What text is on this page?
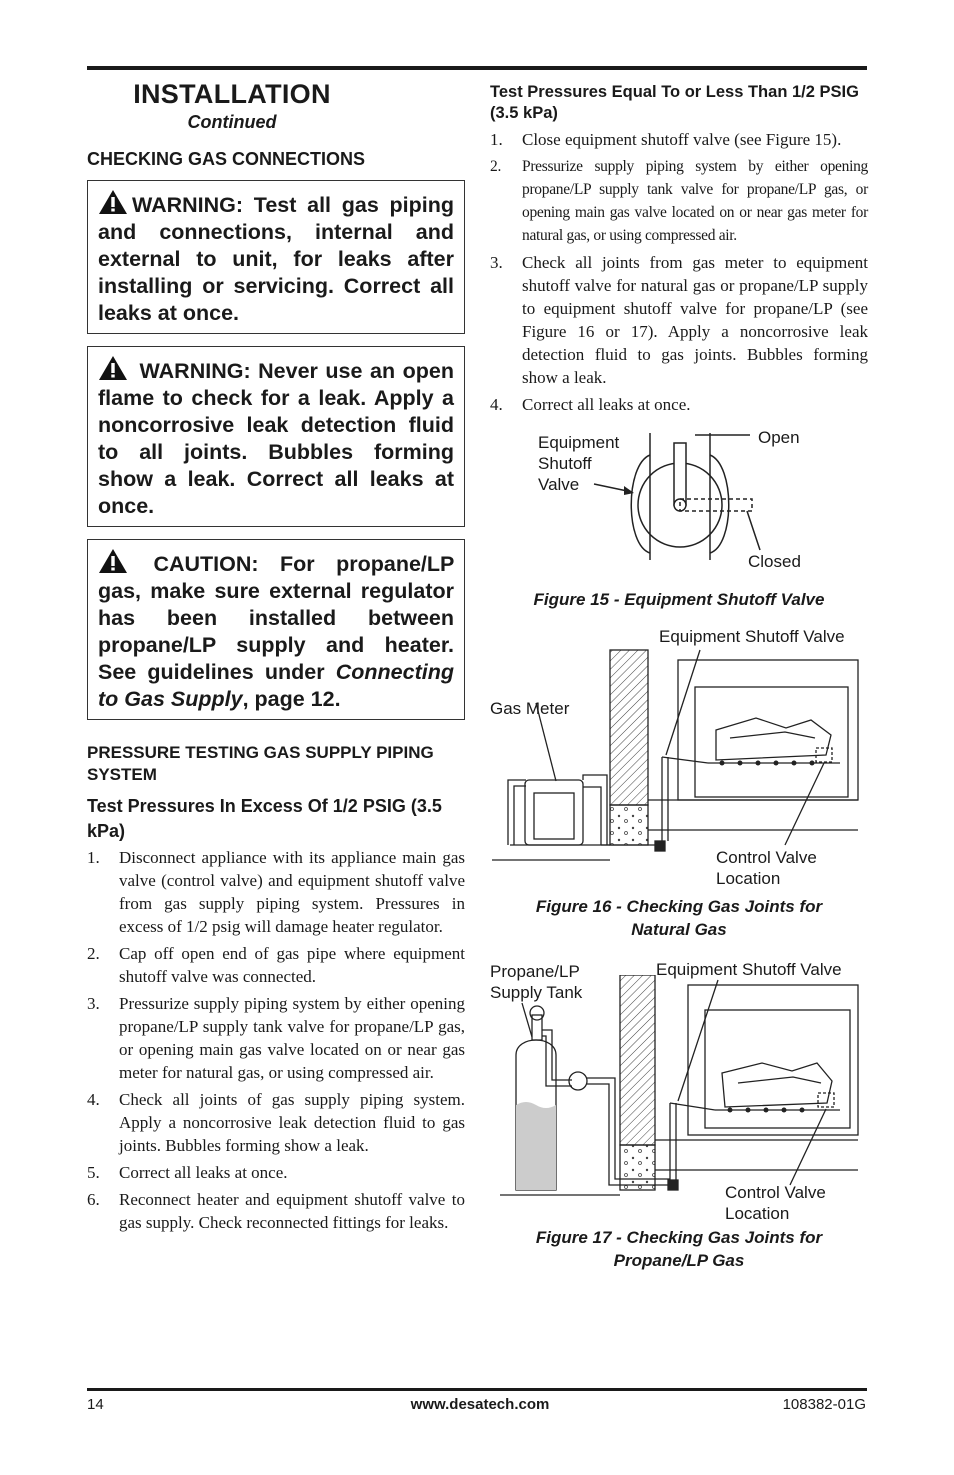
INSTALLATION
Continued
CHECKING GAS CONNECTIONS
WARNING: Test all gas piping and connections, internal and external to unit, for leaks after installing or servicing. Correct all leaks at once.
WARNING: Never use an open flame to check for a leak. Apply a noncorrosive leak detection fluid to all joints. Bubbles forming show a leak. Correct all leaks at once.
CAUTION: For propane/LP gas, make sure external regulator has been installed between propane/LP supply and heater. See guidelines under Connecting to Gas Supply, page 12.
PRESSURE TESTING GAS SUPPLY PIPING SYSTEM
Test Pressures In Excess Of 1/2 PSIG (3.5 kPa)
1. Disconnect appliance with its appliance main gas valve (control valve) and equipment shutoff valve from gas supply piping system. Pressures in excess of 1/2 psig will damage heater regulator.
2. Cap off open end of gas pipe where equipment shutoff valve was connected.
3. Pressurize supply piping system by either opening propane/LP supply tank valve for propane/LP gas, or opening main gas valve located on or near gas meter for natural gas, or using compressed air.
4. Check all joints of gas supply piping system. Apply a noncorrosive leak detection fluid to gas joints. Bubbles forming show a leak.
5. Correct all leaks at once.
6. Reconnect heater and equipment shutoff valve to gas supply. Check reconnected fittings for leaks.
Test Pressures Equal To or Less Than 1/2 PSIG (3.5 kPa)
1. Close equipment shutoff valve (see Figure 15).
2. Pressurize supply piping system by either opening propane/LP supply tank valve for propane/LP gas, or opening main gas valve located on or near gas meter for natural gas, or using compressed air.
3. Check all joints from gas meter to equipment shutoff valve for natural gas or propane/LP supply to equipment shutoff valve for propane/LP (see Figure 16 or 17). Apply a noncorrosive leak detection fluid to gas joints. Bubbles forming show a leak.
4. Correct all leaks at once.
Equipment
Shutoff
Valve
Open
Closed
Figure 15 - Equipment Shutoff Valve
Equipment Shutoff Valve
Gas Meter
Control Valve
Location
Figure 16 - Checking Gas Joints for
Natural Gas
Equipment Shutoff Valve
Propane/LP
Supply Tank
Control Valve
Location
Figure 17 - Checking Gas Joints for
Propane/LP Gas
14	www.desatech.com	108382-01G
